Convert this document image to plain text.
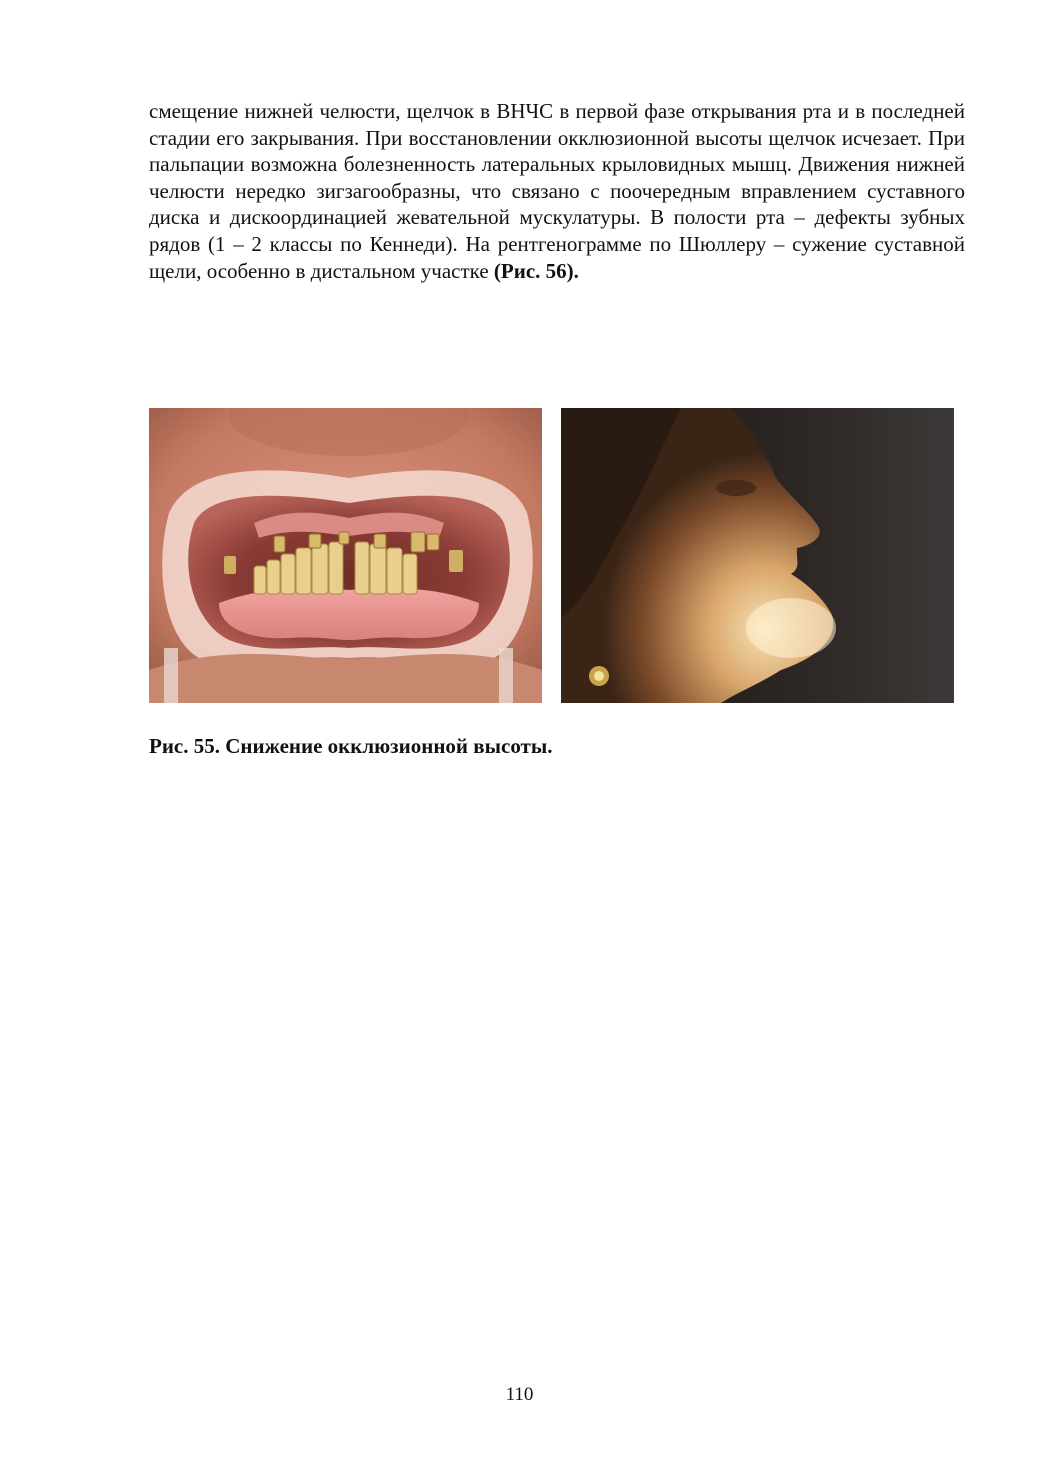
смещение нижней челюсти, щелчок в ВНЧС в первой фазе открывания рта и в последней стадии его закрывания. При восстановлении окклюзионной высоты щелчок исчезает. При пальпации возможна болезненность латеральных крыловидных мышц. Движения нижней челюсти нередко зигзагообразны, что связано с поочередным вправлением суставного диска и дискоординацией жевательной мускулатуры. В полости рта – дефекты зубных рядов (1 – 2 классы по Кеннеди). На рентгенограмме по Шюллеру – сужение суставной щели, особенно в дистальном участке (Рис. 56).

Рис. 55. Снижение окклюзионной высоты.

110
